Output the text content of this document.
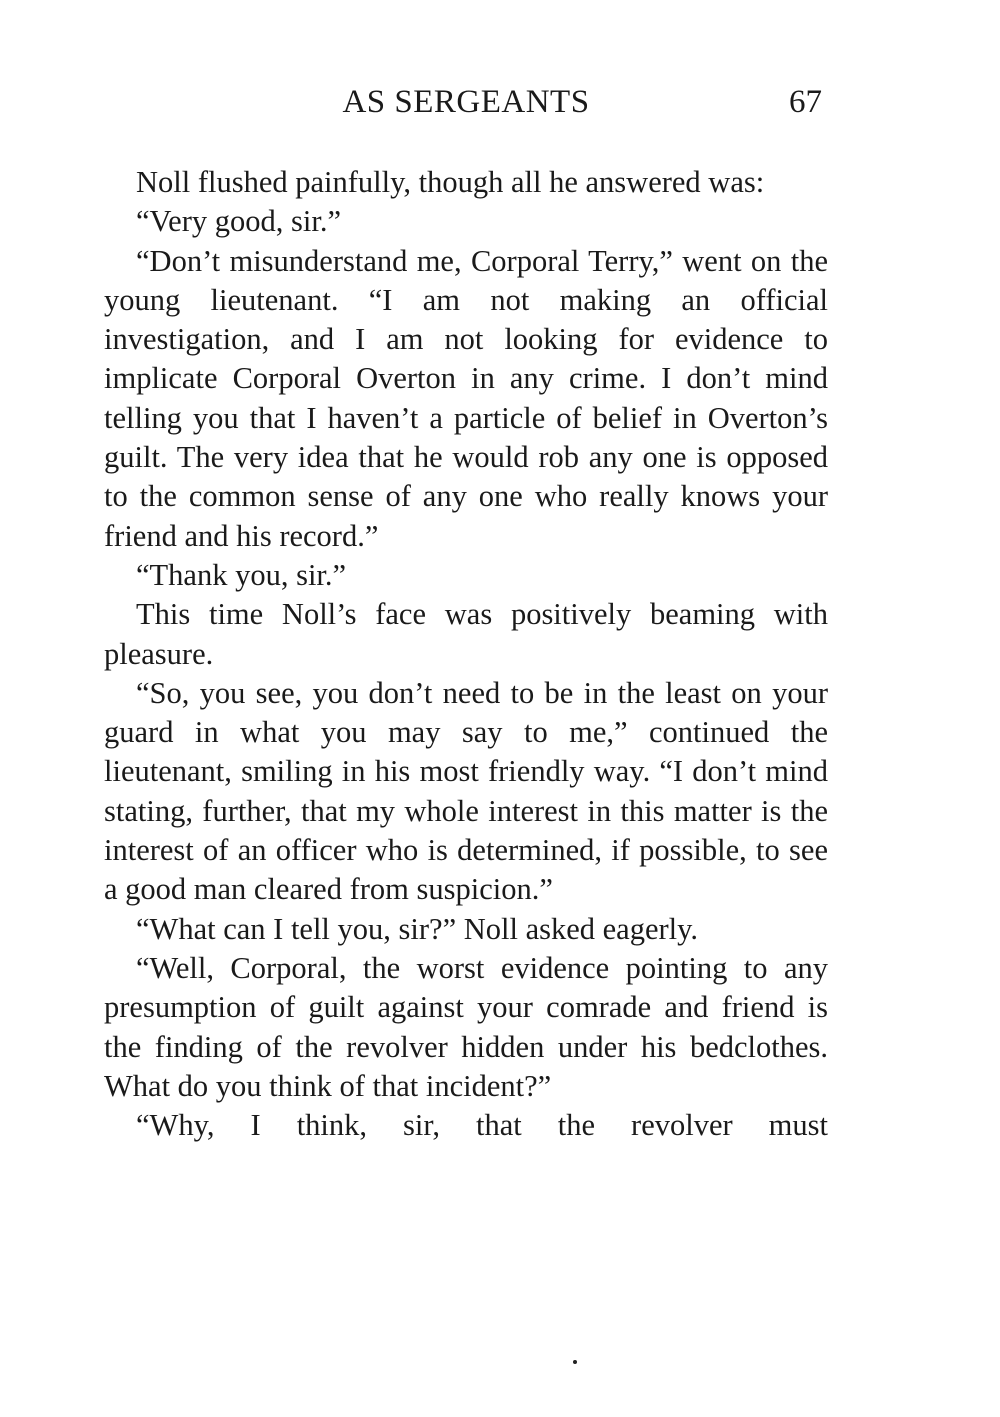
AS SERGEANTS	67

Noll flushed painfully, though all he answered was:

“Very good, sir.”

“Don’t misunderstand me, Corporal Terry,” went on the young lieutenant. “I am not making an official investigation, and I am not looking for evidence to implicate Corporal Overton in any crime. I don’t mind telling you that I haven’t a particle of belief in Overton’s guilt. The very idea that he would rob any one is opposed to the common sense of any one who really knows your friend and his record.”

“Thank you, sir.”

This time Noll’s face was positively beaming with pleasure.

“So, you see, you don’t need to be in the least on your guard in what you may say to me,” continued the lieutenant, smiling in his most friendly way. “I don’t mind stating, further, that my whole interest in this matter is the interest of an officer who is determined, if possible, to see a good man cleared from suspicion.”

“What can I tell you, sir?” Noll asked eagerly.

“Well, Corporal, the worst evidence pointing to any presumption of guilt against your comrade and friend is the finding of the revolver hidden under his bedclothes. What do you think of that incident?”

“Why, I think, sir, that the revolver must
